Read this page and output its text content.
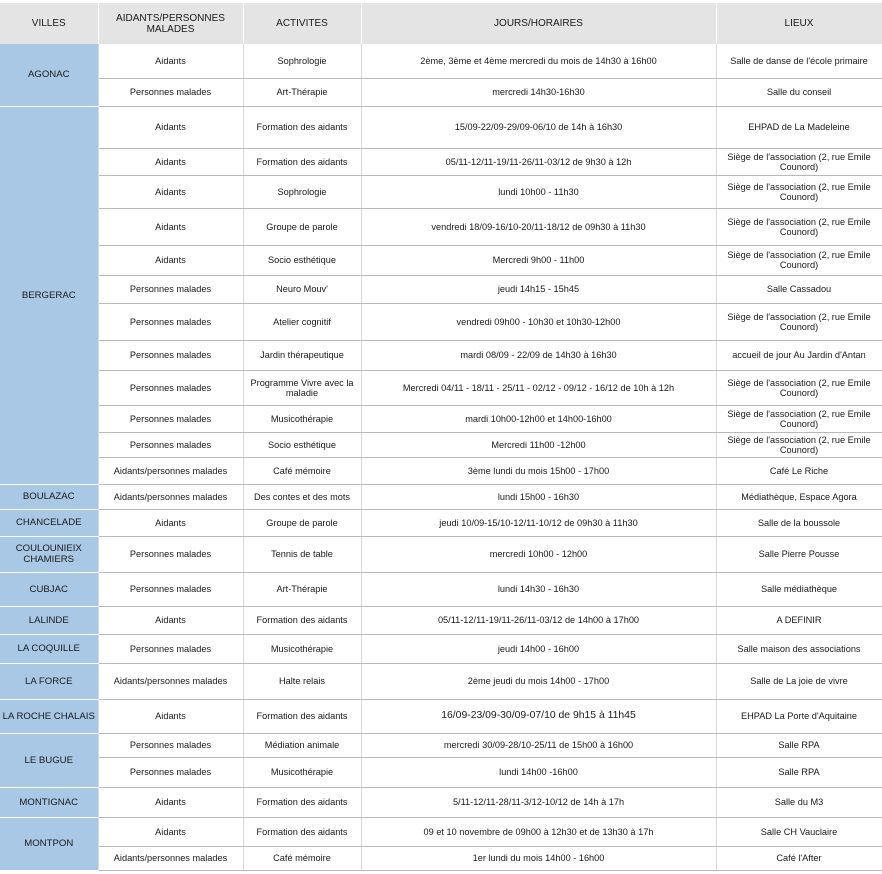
VILLES	AIDANTS/PERSONNES MALADES	ACTIVITES	JOURS/HORAIRES	LIEUX
AGONAC	Aidants	Sophrologie	2ème, 3ème et 4ème mercredi du mois de 14h30 à 16h00	Salle de danse de l'école primaire
	Personnes malades	Art-Thérapie	mercredi 14h30-16h30	Salle du conseil
BERGERAC	Aidants	Formation des aidants	15/09-22/09-29/09-06/10 de 14h à 16h30	EHPAD de La Madeleine
	Aidants	Formation des aidants	05/11-12/11-19/11-26/11-03/12 de 9h30 à 12h	Siège de l'association (2, rue Emile Counord)
	Aidants	Sophrologie	lundi 10h00 - 11h30	Siège de l'association (2, rue Emile Counord)
	Aidants	Groupe de parole	vendredi 18/09-16/10-20/11-18/12 de 09h30 à 11h30	Siège de l'association (2, rue Emile Counord)
	Aidants	Socio esthétique	Mercredi 9h00 - 11h00	Siège de l'association (2, rue Emile Counord)
	Personnes malades	Neuro Mouv'	jeudi 14h15 - 15h45	Salle Cassadou
	Personnes malades	Atelier cognitif	vendredi 09h00 - 10h30 et 10h30-12h00	Siège de l'association (2, rue Emile Counord)
	Personnes malades	Jardin thérapeutique	mardi 08/09 - 22/09 de 14h30 à 16h30	accueil de jour Au Jardin d'Antan
	Personnes malades	Programme Vivre avec la maladie	Mercredi 04/11 - 18/11 - 25/11 - 02/12 - 09/12 - 16/12 de 10h à 12h	Siège de l'association (2, rue Emile Counord)
	Personnes malades	Musicothérapie	mardi 10h00-12h00 et 14h00-16h00	Siège de l'association (2, rue Emile Counord)
	Personnes malades	Socio esthétique	Mercredi 11h00 -12h00	Siège de l'association (2, rue Emile Counord)
	Aidants/personnes malades	Café mémoire	3ème lundi du mois 15h00 - 17h00	Café Le Riche
BOULAZAC	Aidants/personnes malades	Des contes et des mots	lundi 15h00 - 16h30	Médiathèque, Espace Agora
CHANCELADE	Aidants	Groupe de parole	jeudi 10/09-15/10-12/11-10/12 de 09h30 à 11h30	Salle de la boussole
COULOUNIEIX CHAMIERS	Personnes malades	Tennis de table	mercredi 10h00 - 12h00	Salle Pierre Pousse
CUBJAC	Personnes malades	Art-Thérapie	lundi 14h30 - 16h30	Salle médiathèque
LALINDE	Aidants	Formation des aidants	05/11-12/11-19/11-26/11-03/12 de 14h00 à 17h00	A DEFINIR
LA COQUILLE	Personnes malades	Musicothérapie	jeudi 14h00 - 16h00	Salle maison des associations
LA FORCE	Aidants/personnes malades	Halte relais	2ème jeudi du mois 14h00 - 17h00	Salle de La joie de vivre
LA ROCHE CHALAIS	Aidants	Formation des aidants	16/09-23/09-30/09-07/10 de 9h15 à 11h45	EHPAD La Porte d'Aquitaine
LE BUGUE	Personnes malades	Médiation animale	mercredi 30/09-28/10-25/11 de 15h00 à 16h00	Salle RPA
	Personnes malades	Musicothérapie	lundi 14h00 -16h00	Salle RPA
MONTIGNAC	Aidants	Formation des aidants	5/11-12/11-28/11-3/12-10/12 de 14h à 17h	Salle du M3
MONTPON	Aidants	Formation des aidants	09 et 10 novembre de 09h00 à 12h30 et de 13h30 à 17h	Salle CH Vauclaire
	Aidants/personnes malades	Café mémoire	1er lundi du mois 14h00 - 16h00	Café l'After
